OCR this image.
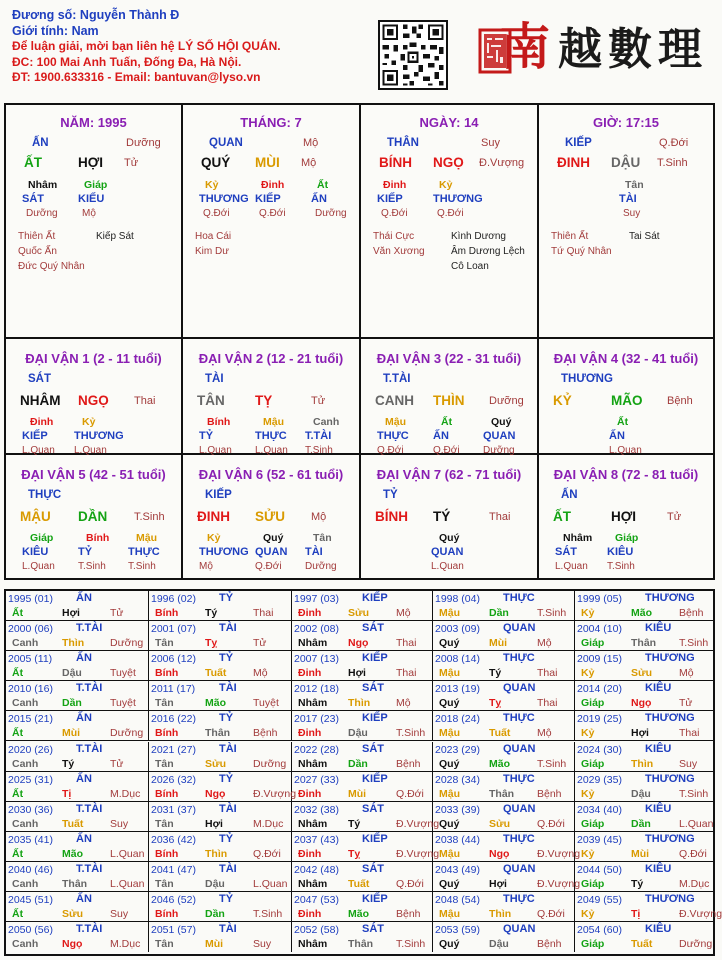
Đương số: Nguyễn Thành Đ
Giới tính: Nam
Để luận giải, mời bạn liên hệ LÝ SỐ HỘI QUÁN.
ĐC: 100 Mai Anh Tuấn, Đống Đa, Hà Nội.
ĐT: 1900.633316 - Email: bantuvan@lyso.vn
南 越 數 理
NĂM: 1995
ẤN	Dưỡng
ẤT	HỢI Tử
Nhâm
SÁT
Dưỡng
Giáp
KIẾU
Mộ
Thiên Ất
Quốc Ấn
Đức Quý Nhân
Kiếp Sát
THÁNG: 7
QUAN	Mộ
QUÝ MÙI Mộ
Kỷ
THƯƠNG
Q.Đới
Đinh
KIẾP
Q.Đới
Ất
ẤN
Dưỡng
Hoa Cái
Kim Dư
NGÀY: 14
THÂN	Suy
BÍNH NGỌ Đ.Vượng
Đinh
KIẾP
Q.Đới
Kỷ
THƯƠNG
Q.Đới
Thái Cực
Văn Xương
Kình Dương
Âm Dương Lệch
Cô Loan
GIỜ: 17:15
KIẾP	Q.Đới
ĐINH DẬU T.Sinh
Tân
TÀI
Suy
Thiên Ất
Tứ Quý Nhân
Tai Sát
ĐẠI VẬN 1 (2 - 11 tuổi)
SÁT
NHÂM NGỌ Thai
Đinh
KIẾP
L.Quan
Kỷ
THƯƠNG
L.Quan
ĐẠI VẬN 2 (12 - 21 tuổi)
TÀI
TÂN TỴ	Tử
Bính
TỶ
L.Quan
Mậu
THỰC
L.Quan
Canh
T.TÀI
T.Sinh
ĐẠI VẬN 3 (22 - 31 tuổi)
T.TÀI
CANH THÌN Dưỡng
Mậu
THỰC
Q.Đới
Ất
ẤN
Q.Đới
Quý
QUAN
Dưỡng
ĐẠI VẬN 4 (32 - 41 tuổi)
THƯƠNG
KỶ	MÃO Bệnh
Ất
ẤN
L.Quan
ĐẠI VẬN 5 (42 - 51 tuổi)
THỰC
MẬU DẦN T.Sinh
Giáp
KIÊU
L.Quan
Bính
TỶ
T.Sinh
Mậu
THỰC
T.Sinh
ĐẠI VẬN 6 (52 - 61 tuổi)
KIẾP
ĐINH SỬU Mộ
Kỷ
THƯƠNG
Mộ
Quý
QUAN
Q.Đới
Tân
TÀI
Dưỡng
ĐẠI VẬN 7 (62 - 71 tuổi)
TỶ
BÍNH TÝ	Thai
Quý
QUAN
L.Quan
ĐẠI VẬN 8 (72 - 81 tuổi)
ẤN
ẤT	HỢI	Tử
Nhâm
SÁT
L.Quan
Giáp
KIÊU
T.Sinh
1995 (01) ẤN
Ất	Hợi	Tử
1996 (02) TỶ
Bính	Tý	Thai
1997 (03) KIẾP
Đinh	Sửu	Mộ
1998 (04) THỰC
Mậu	Dần	T.Sinh
1999 (05) THƯƠNG
Kỷ	Mão	Bệnh
2000 (06) T.TÀI
Canh Thìn Dưỡng
2001 (07) TÀI
Tân	Tỵ	Tử
2002 (08) SÁT
Nhâm Ngọ	Thai
2003 (09) QUAN
Quý	Mùi	Mộ
2004 (10) KIÊU
Giáp	Thân T.Sinh
2005 (11) ẤN
Ất	Dậu	Tuyệt
2006 (12) TỶ
Bính	Tuất	Mộ
2007 (13) KIẾP
Đinh	Hợi	Thai
2008 (14) THỰC
Mậu	Tý	Thai
2009 (15) THƯƠNG
Kỷ	Sửu	Mộ
2010 (16) T.TÀI
Canh Dần	Tuyệt
2011 (17) TÀI
Tân	Mão	Tuyệt
2012 (18) SÁT
Nhâm Thìn Mộ
2013 (19) QUAN
Quý	Tỵ	Thai
2014 (20) KIÊU
Giáp	Ngọ	Tử
2015 (21) ẤN
Ất	Mùi	Dưỡng
2016 (22) TỶ
Bính	Thân Bệnh
2017 (23) KIẾP
Đinh	Dậu	T.Sinh
2018 (24) THỰC
Mậu	Tuất	Mộ
2019 (25) THƯƠNG
Kỷ	Hợi	Thai
2020 (26) T.TÀI
Canh Tý	Tử
2021 (27) TÀI
Tân	Sửu	Dưỡng
2022 (28) SÁT
Nhâm Dần	Bệnh
2023 (29) QUAN
Quý	Mão	T.Sinh
2024 (30) KIÊU
Giáp	Thìn Suy
2025 (31) ẤN
Ất	Tị	M.Dục
2026 (32) TỶ
Bính	Ngọ	Đ.Vượng
2027 (33) KIẾP
Đinh	Mùi	Q.Đới
2028 (34) THỰC
Mậu	Thân Bệnh
2029 (35) THƯƠNG
Kỷ	Dậu	T.Sinh
2030 (36) T.TÀI
Canh Tuất	Suy
2031 (37) TÀI
Tân	Hợi	M.Dục
2032 (38) SÁT
Nhâm Tý	Đ.Vượng
2033 (39) QUAN
Quý	Sửu	Q.Đới
2034 (40) KIÊU
Giáp	Dần	L.Quan
2035 (41) ẤN
Ất	Mão	L.Quan
2036 (42) TỶ
Bính	Thìn Q.Đới
2037 (43) KIẾP
Đinh	Tỵ	Đ.Vượng
2038 (44) THỰC
Mậu	Ngọ	Đ.Vượng
2039 (45) THƯƠNG
Kỷ	Mùi	Q.Đới
2040 (46) T.TÀI
Canh Thân L.Quan
2041 (47) TÀI
Tân	Dậu	L.Quan
2042 (48) SÁT
Nhâm Tuất	Q.Đới
2043 (49) QUAN
Quý	Hợi	Đ.Vượng
2044 (50) KIÊU
Giáp	Tý	M.Dục
2045 (51) ẤN
Ất	Sửu	Suy
2046 (52) TỶ
Bính	Dần	T.Sinh
2047 (53) KIẾP
Đinh	Mão	Bệnh
2048 (54) THỰC
Mậu	Thìn Q.Đới
2049 (55) THƯƠNG
Kỷ	Tị	Đ.Vượng
2050 (56) T.TÀI
Canh Ngọ	M.Dục
2051 (57) TÀI
Tân	Mùi	Suy
2052 (58) SÁT
Nhâm Thân T.Sinh
2053 (59) QUAN
Quý	Dậu	Bệnh
2054 (60) KIÊU
Giáp	Tuất	Dưỡng
